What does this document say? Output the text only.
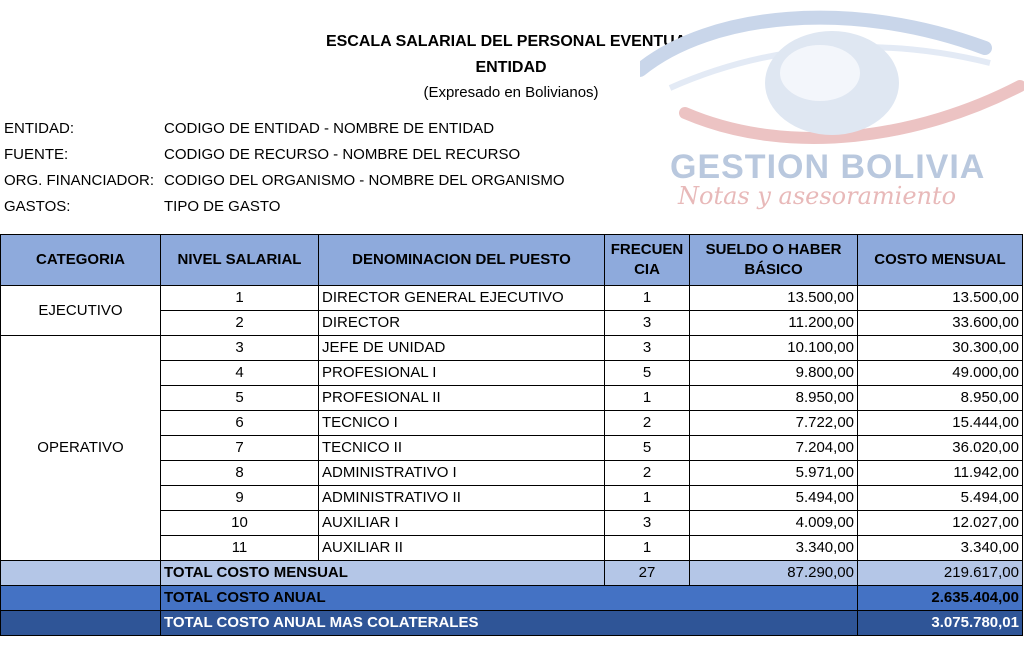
ESCALA SALARIAL DEL PERSONAL EVENTUAL
ENTIDAD
(Expresado en Bolivianos)
GESTION BOLIVIA
Notas y asesoramiento
ENTIDAD:	CODIGO DE ENTIDAD - NOMBRE DE ENTIDAD
FUENTE:	CODIGO DE RECURSO - NOMBRE DEL RECURSO
ORG. FINANCIADOR: CODIGO DEL ORGANISMO - NOMBRE DEL ORGANISMO
GASTOS:	TIPO DE GASTO
CATEGORIA	NIVEL SALARIAL	DENOMINACION DEL PUESTO	FRECUEN CIA	SUELDO O HABER BÁSICO	COSTO MENSUAL
EJECUTIVO	1	DIRECTOR GENERAL EJECUTIVO	1	13.500,00	13.500,00
	2	DIRECTOR	3	11.200,00	33.600,00
OPERATIVO	3	JEFE DE UNIDAD	3	10.100,00	30.300,00
	4	PROFESIONAL I	5	9.800,00	49.000,00
	5	PROFESIONAL II	1	8.950,00	8.950,00
	6	TECNICO I	2	7.722,00	15.444,00
	7	TECNICO II	5	7.204,00	36.020,00
	8	ADMINISTRATIVO I	2	5.971,00	11.942,00
	9	ADMINISTRATIVO II	1	5.494,00	5.494,00
	10	AUXILIAR I	3	4.009,00	12.027,00
	11	AUXILIAR II	1	3.340,00	3.340,00
	TOTAL COSTO MENSUAL		27	87.290,00	219.617,00
	TOTAL COSTO ANUAL				2.635.404,00
	TOTAL COSTO ANUAL MAS COLATERALES				3.075.780,01
